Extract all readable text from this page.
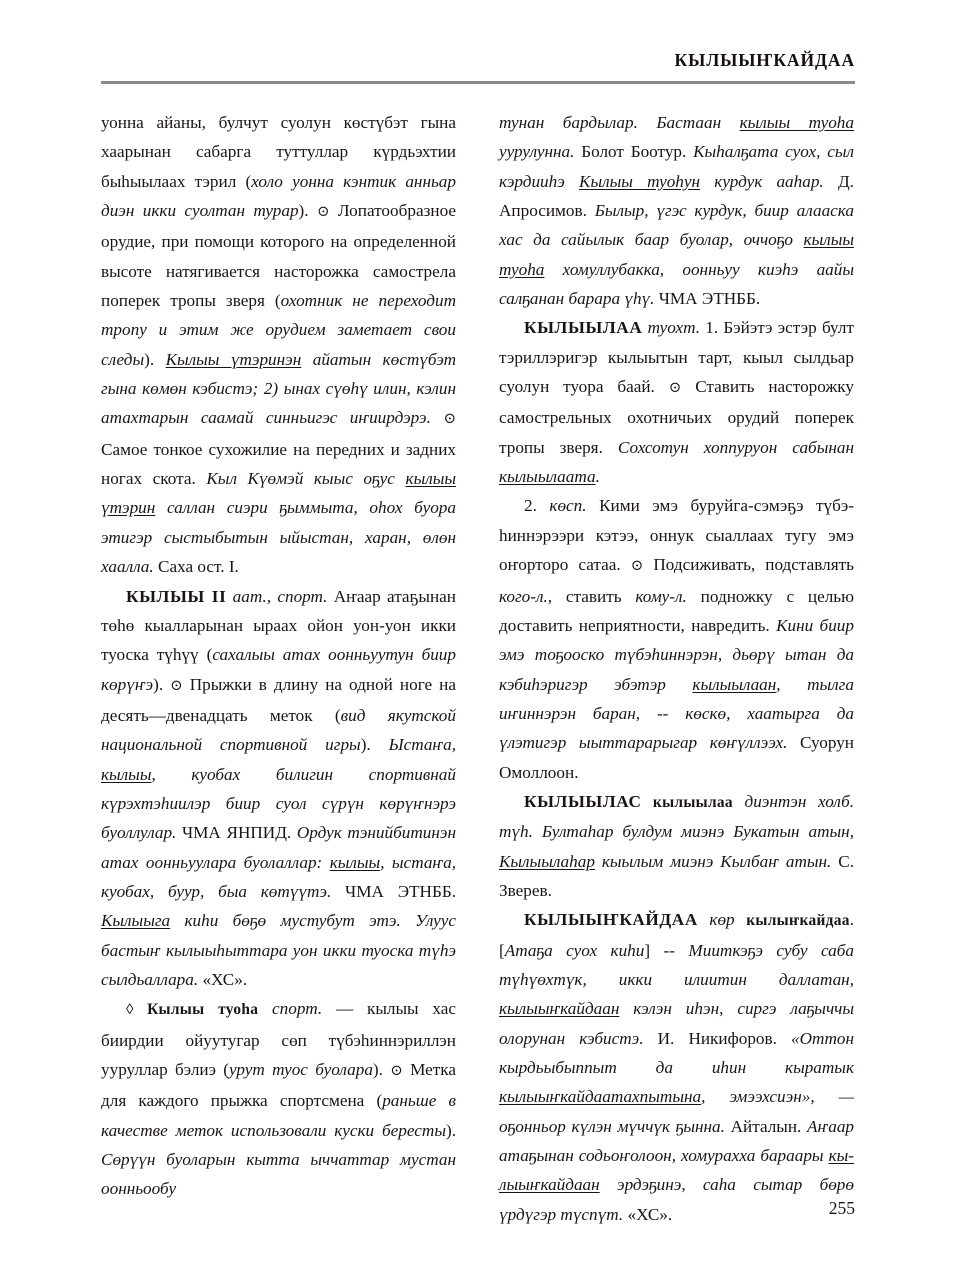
КЫЛЫЫҤКАЙДАА

уонна айаны, булчут суолун көстүбэт гына хаарынан сабарга туттуллар күрдьэхтии быһыылаах тэрил (холо уонна кэнтик анньар диэн икки суолтан турар). ⊙ Лопатообразное орудие, при помощи которого на определенной высоте натягивается насторожка самострела поперек тропы зверя (охотник не переходит тропу и этим же орудием заметает свои следы). Кылыы үтэринэн айатын көстүбэт гына көмөн кэбистэ; 2) ынах сүөһү илин, кэлин атахтарын саамай синньигэс иҥиирдэрэ. ⊙ Самое тонкое сухожилие на передних и задних ногах скота. Кыл Күөмэй кыыс оҕус кылыы үтэрин саллан сиэри ҕыммыта, оһох буора этигэр сыстыбытын ыйыстан, харан, өлөн хаалла. Саха ост. I.

КЫЛЫЫ II аат., спорт. Аҥаар атаҕынан төһө кыалларынан ыраах ойон уон-уон икки туоска түһүү (сахалыы атах оонньуутун биир көрүҥэ). ⊙ Прыжки в длину на одной ноге на десять—двенадцать меток (вид якутской национальной спортивной игры). Ыстаҥа, кылыы, куобах билигин спортивнай күрэхтэһиилэр биир суол сүрүн көрүҥнэрэ буоллулар. ЧМА ЯНПИД. Ордук тэнийбитинэн атах оонньуулара буолаллар: кылыы, ыстаҥа, куобах, буур, быа көтүүтэ. ЧМА ЭТНББ. Кылыыга киһи бөҕө мустубут этэ. Улуус бастыҥ кылыыһыттара уон икки туоска түһэ сылдьаллара. «ХС».

◊ Кылыы туоһа спорт. — кылыы хас биирдии ойуутугар сөп түбэһиннэриллэн ууруллар бэлиэ (урут туос буолара). ⊙ Метка для каждого прыжка спортсмена (раньше в качестве меток использовали куски бересты). Сөрүүн буоларын кытта ыччаттар мустан оонньообу

тунан бардылар. Бастаан кылыы туоһа уурулунна. Болот Боотур. Кыһалҕата суох, сыл кэрдииһэ Кылыы туоһун курдук ааһар. Д. Апросимов. Былыр, үгэс курдук, биир алааска хас да сайылык баар буолар, оччоҕо кылыы туоһа хомуллубакка, оонньуу киэһэ аайы салҕанан барара үһү. ЧМА ЭТНББ.

КЫЛЫЫЛАА туохт. 1. Бэйэтэ эстэр булт тэриллэригэр кылыытын тарт, кыыл сылдьар суолун туора баай. ⊙ Ставить насторожку самострельных охотничьих орудий поперек тропы зверя. Сохсотун хоппуруон сабынан кылыылаата.

2. көсп. Кими эмэ буруйга-сэмэҕэ түбэһиннэрээри кэтээ, оннук сыаллаах тугу эмэ оҥорторо сатаа. ⊙ Подсиживать, подставлять кого-л., ставить кому-л. подножку с целью доставить неприятности, навредить. Кини биир эмэ тоҕооско түбэһиннэрэн, дьөрү ытан да кэбиһэригэр эбэтэр кылыылаан, тылга иҥиннэрэн баран, -- көскө, хаатырга да үлэтигэр ыыттарарыгар көҥүллээх. Суорун Омоллоон.

КЫЛЫЫЛАС кылыылаа диэнтэн холб. түһ. Бултаһар булдум миэнэ Букатын атын, Кылыылаһар кыылым миэнэ Кылбаҥ атын. С. Зверев.

КЫЛЫЫҤКАЙДАА көр кылыҥкайдаа. [Атаҕа суох киһи] -- Мииткэҕэ субу саба түһүөхтүк, икки илиитин даллатан, кылыыҥкайдаан кэлэн иһэн, сиргэ лаҕыччы олорунан кэбистэ. И. Никифоров. «Оттон кырдьыбыппыт да иһин кыратык кылыыҥкайдаатахпытына, эмээхсиэн», — оҕонньор күлэн мүччүк ҕынна. Айталын. Аҥаар атаҕынан содьоҥолоон, хомурахха бараары кылыыҥкайдаан эрдэҕинэ, саһа сытар бөрө үрдүгэр түспүт. «ХС».	255
